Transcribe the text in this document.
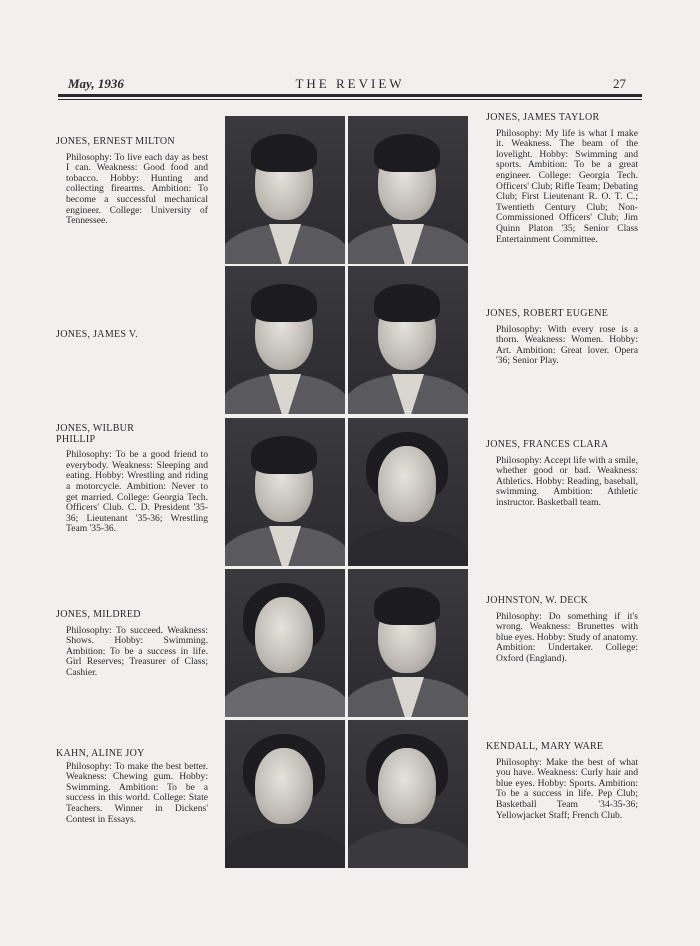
May, 1936	THE REVIEW	27
JONES, ERNEST MILTON
Philosophy: To live each day as best I can. Weakness: Good food and tobacco. Hobby: Hunting and collecting firearms. Ambition: To become a successful mechanical engineer. College: University of Tennessee.
JONES, JAMES V.
JONES, WILBUR PHILLIP
Philosophy: To be a good friend to everybody. Weakness: Sleeping and eating. Hobby: Wrestling and riding a motorcycle. Ambition: Never to get married. College: Georgia Tech. Officers' Club. C. D. President '35-36; Lieutenant '35-36; Wrestling Team '35-36.
JONES, MILDRED
Philosophy: To succeed. Weakness: Shows. Hobby: Swimming. Ambition: To be a success in life. Girl Reserves; Treasurer of Class; Cashier.
KAHN, ALINE JOY
Philosophy: To make the best better. Weakness: Chewing gum. Hobby: Swimming. Ambition: To be a success in this world. College: State Teachers. Winner in Dickens' Contest in Essays.
JONES, JAMES TAYLOR
Philosophy: My life is what I make it. Weakness. The beam of the lovelight. Hobby: Swimming and sports. Ambition: To be a great engineer. College: Georgia Tech. Officers' Club; Rifle Team; Debating Club; First Lieutenant R. O. T. C.; Twentieth Century Club; Non-Commissioned Officers' Club; Jim Quinn Platon '35; Senior Class Entertainment Committee.
JONES, ROBERT EUGENE
Philosophy: With every rose is a thorn. Weakness: Women. Hobby: Art. Ambition: Great lover. Opera '36; Senior Play.
JONES, FRANCES CLARA
Philosophy: Accept life with a smile, whether good or bad. Weakness: Athletics. Hobby: Reading, baseball, swimming. Ambition: Athletic instructor. Basketball team.
JOHNSTON, W. DECK
Philosophy: Do something if it's wrong. Weakness: Brunettes with blue eyes. Hobby: Study of anatomy. Ambition: Undertaker. College: Oxford (England).
KENDALL, MARY WARE
Philosophy: Make the best of what you have. Weakness: Curly hair and blue eyes. Hobby: Sports. Ambition: To be a success in life. Pep Club; Basketball Team '34-35-36; Yellowjacket Staff; French Club.
